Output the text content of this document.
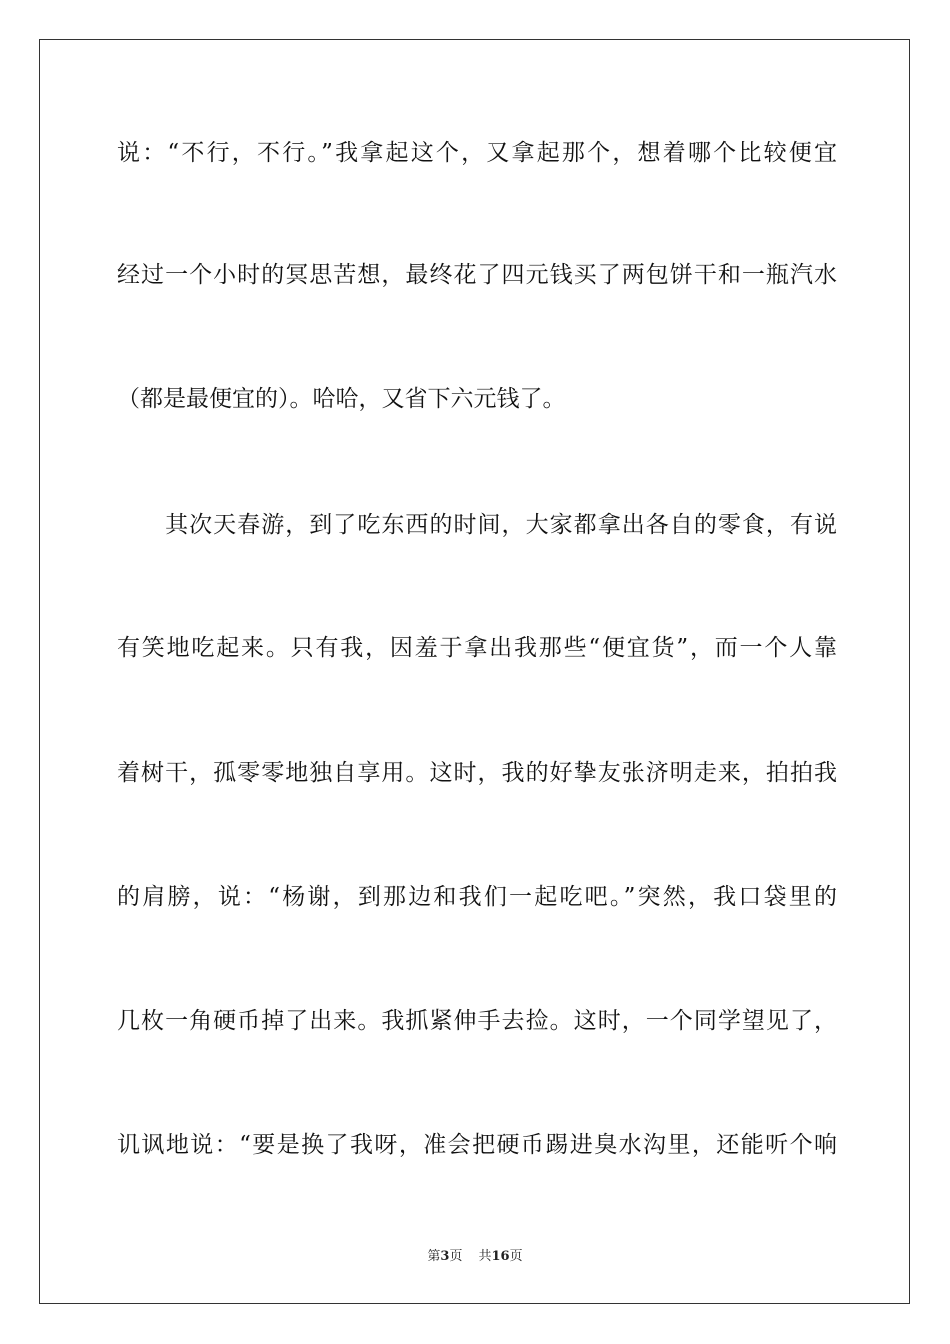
说：“不行，不行。”我拿起这个，又拿起那个，想着哪个比较便宜
经过一个小时的冥思苦想，最终花了四元钱买了两包饼干和一瓶汽水
（都是最便宜的）。哈哈，又省下六元钱了。
　　其次天春游，到了吃东西的时间，大家都拿出各自的零食，有说
有笑地吃起来。只有我，因羞于拿出我那些“便宜货”，而一个人靠
着树干，孤零零地独自享用。这时，我的好挚友张济明走来，拍拍我
的肩膀，说：“杨谢，到那边和我们一起吃吧。”突然，我口袋里的
几枚一角硬币掉了出来。我抓紧伸手去捡。这时，一个同学望见了，
讥讽地说：“要是换了我呀，准会把硬币踢进臭水沟里，还能听个响
第3页 共16页
